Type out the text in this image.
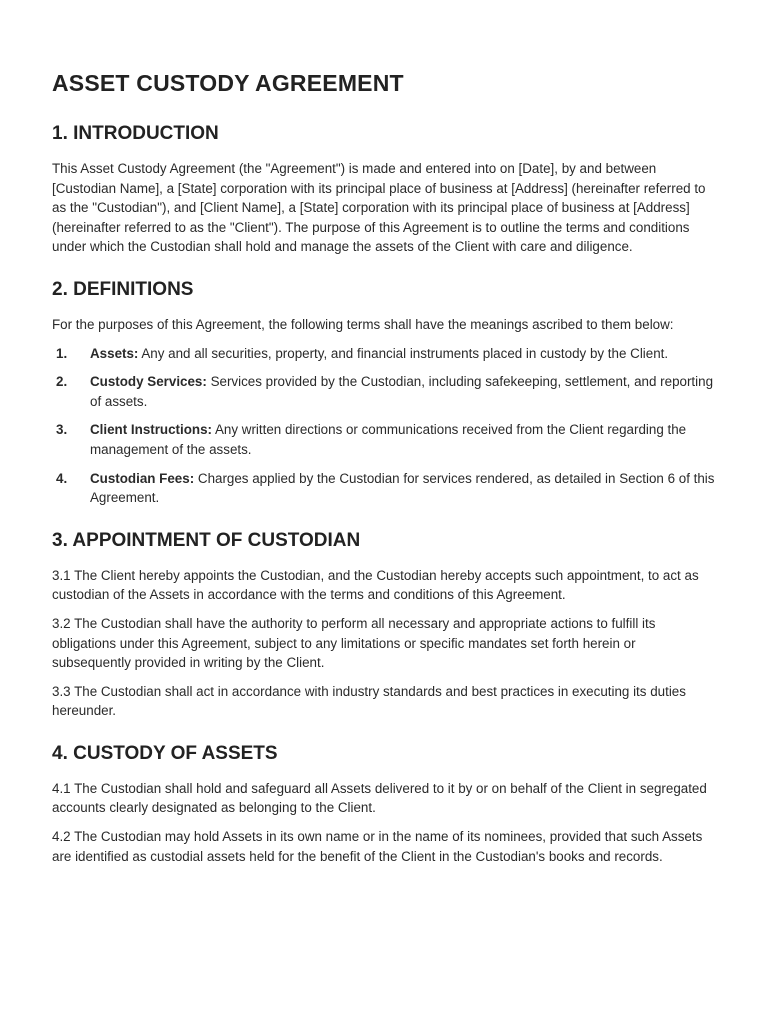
ASSET CUSTODY AGREEMENT
1. INTRODUCTION

This Asset Custody Agreement (the "Agreement") is made and entered into on [Date], by and between [Custodian Name], a [State] corporation with its principal place of business at [Address] (hereinafter referred to as the "Custodian"), and [Client Name], a [State] corporation with its principal place of business at [Address] (hereinafter referred to as the "Client"). The purpose of this Agreement is to outline the terms and conditions under which the Custodian shall hold and manage the assets of the Client with care and diligence.

2. DEFINITIONS

For the purposes of this Agreement, the following terms shall have the meanings ascribed to them below:

1.	Assets: Any and all securities, property, and financial instruments placed in custody by the Client.
2.	Custody Services: Services provided by the Custodian, including safekeeping, settlement, and reporting of assets.
3.	Client Instructions: Any written directions or communications received from the Client regarding the management of the assets.
4.	Custodian Fees: Charges applied by the Custodian for services rendered, as detailed in Section 6 of this Agreement.
3. APPOINTMENT OF CUSTODIAN

3.1 The Client hereby appoints the Custodian, and the Custodian hereby accepts such appointment, to act as custodian of the Assets in accordance with the terms and conditions of this Agreement.

3.2 The Custodian shall have the authority to perform all necessary and appropriate actions to fulfill its obligations under this Agreement, subject to any limitations or specific mandates set forth herein or subsequently provided in writing by the Client.

3.3 The Custodian shall act in accordance with industry standards and best practices in executing its duties hereunder.

4. CUSTODY OF ASSETS

4.1 The Custodian shall hold and safeguard all Assets delivered to it by or on behalf of the Client in segregated accounts clearly designated as belonging to the Client.

4.2 The Custodian may hold Assets in its own name or in the name of its nominees, provided that such Assets are identified as custodial assets held for the benefit of the Client in the Custodian's books and records.
